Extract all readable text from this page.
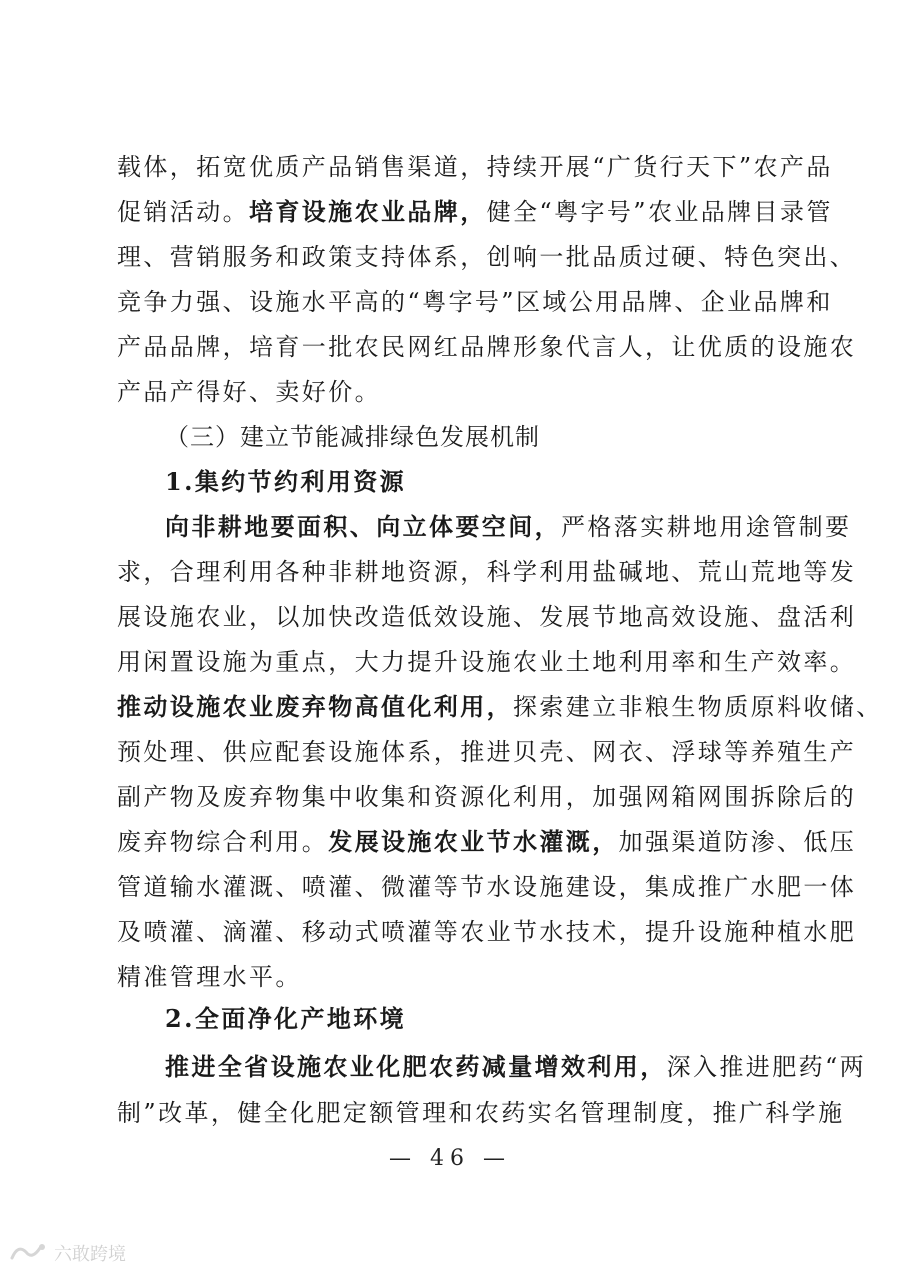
载体，拓宽优质产品销售渠道，持续开展“广货行天下”农产品
促销活动。培育设施农业品牌，健全“粤字号”农业品牌目录管
理、营销服务和政策支持体系，创响一批品质过硬、特色突出、
竞争力强、设施水平高的“粤字号”区域公用品牌、企业品牌和
产品品牌，培育一批农民网红品牌形象代言人，让优质的设施农
产品产得好、卖好价。
（三）建立节能减排绿色发展机制
1.集约节约利用资源
向非耕地要面积、向立体要空间，严格落实耕地用途管制要
求，合理利用各种非耕地资源，科学利用盐碱地、荒山荒地等发
展设施农业，以加快改造低效设施、发展节地高效设施、盘活利
用闲置设施为重点，大力提升设施农业土地利用率和生产效率。
推动设施农业废弃物高值化利用，探索建立非粮生物质原料收储、
预处理、供应配套设施体系，推进贝壳、网衣、浮球等养殖生产
副产物及废弃物集中收集和资源化利用，加强网箱网围拆除后的
废弃物综合利用。发展设施农业节水灌溉，加强渠道防渗、低压
管道输水灌溉、喷灌、微灌等节水设施建设，集成推广水肥一体
及喷灌、滴灌、移动式喷灌等农业节水技术，提升设施种植水肥
精准管理水平。
2.全面净化产地环境
推进全省设施农业化肥农药减量增效利用，深入推进肥药“两
制”改革，健全化肥定额管理和农药实名管理制度，推广科学施
— 46 —
六敢跨境
